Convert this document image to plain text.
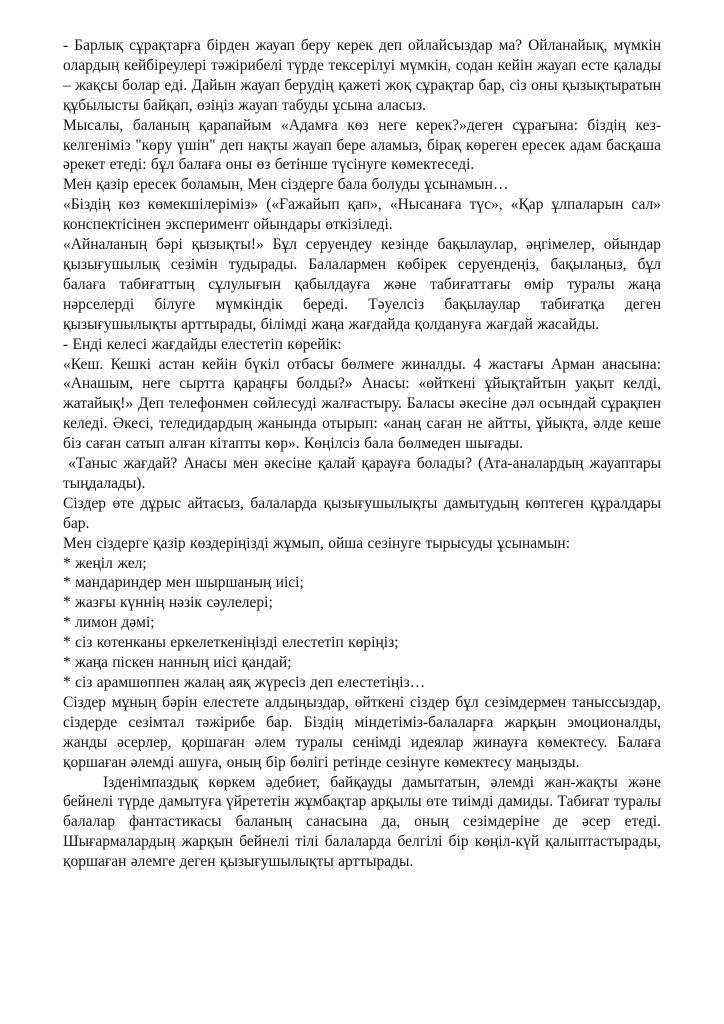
- Барлық сұрақтарға бірден жауап беру керек деп ойлайсыздар ма? Ойланайық, мүмкін олардың кейбіреулері тәжірибелі түрде тексерілуі мүмкін, содан кейін жауап есте қалады – жақсы болар еді. Дайын жауап берудің қажеті жоқ сұрақтар бар, сіз оны қызықтыратын құбылысты байқап, өзіңіз жауап табуды ұсына аласыз.

Мысалы, баланың қарапайым «Адамға көз неге керек?»деген сұрағына: біздің кез-келгеніміз "көру үшін" деп нақты жауап бере аламыз, бірақ көреген ересек адам басқаша әрекет етеді: бұл балаға оны өз бетінше түсінуге көмектеседі.

Мен қазір ересек боламын, Мен сіздерге бала болуды ұсынамын…

«Біздің көз көмекшілеріміз» («Ғажайып қап», «Нысанаға түс», «Қар ұлпаларын сал» конспектісінен эксперимент ойындары өткізіледі.

«Айналаның бәрі қызықты!» Бұл серуендеу кезінде бақылаулар, әңгімелер, ойындар қызығушылық сезімін тудырады. Балалармен көбірек серуендеңіз, бақылаңыз, бұл балаға табиғаттың сұлулығын қабылдауға және табиғаттағы өмір туралы жаңа нәрселерді білуге мүмкіндік береді. Тәуелсіз бақылаулар табиғатқа деген қызығушылықты арттырады, білімді жаңа жағдайда қолдануға жағдай жасайды.

- Енді келесі жағдайды елестетіп көрейік:

«Кеш. Кешкі астан кейін бүкіл отбасы бөлмеге жиналды. 4 жастағы Арман анасына: «Анашым, неге сыртта қараңғы болды?» Анасы: «өйткені ұйықтайтын уақыт келді, жатайық!» Деп телефонмен сөйлесуді жалғастыру. Баласы әкесіне дәл осындай сұрақпен келеді. Әкесі, теледидардың жанында отырып: «анаң саған не айтты, ұйықта, әлде кеше біз саған сатып алған кітапты көр». Көңілсіз бала бөлмеден шығады.

«Таныс жағдай? Анасы мен әкесіне қалай қарауға болады? (Ата-аналардың жауаптары тыңдалады).

Сіздер өте дұрыс айтасыз, балаларда қызығушылықты дамытудың көптеген құралдары бар.

Мен сіздерге қазір көздеріңізді жұмып, ойша сезінуге тырысуды ұсынамын:

* жеңіл жел;

* мандариндер мен шыршаның иісі;

* жазғы күннің нәзік сәулелері;

* лимон дәмі;

* сіз котенканы еркелеткеніңізді елестетіп көріңіз;

* жаңа піскен нанның иісі қандай;

* сіз арамшөппен жалаң аяқ жүресіз деп елестетіңіз…

Сіздер мұның бәрін елестете алдыңыздар, өйткені сіздер бұл сезімдермен таныссыздар, сіздерде сезімтал тәжірибе бар. Біздің міндетіміз-балаларға жарқын эмоционалды, жанды әсерлер, қоршаған әлем туралы сенімді идеялар жинауға көмектесу. Балаға қоршаған әлемді ашуға, оның бір бөлігі ретінде сезінуге көмектесу маңызды.

Ізденімпаздық көркем әдебиет, байқауды дамытатын, әлемді жан-жақты және бейнелі түрде дамытуға үйрететін жұмбақтар арқылы өте тиімді дамиды. Табиғат туралы балалар фантастикасы баланың санасына да, оның сезімдеріне де әсер етеді. Шығармалардың жарқын бейнелі тілі балаларда белгілі бір көңіл-күй қалыптастырады, қоршаған әлемге деген қызығушылықты арттырады.
